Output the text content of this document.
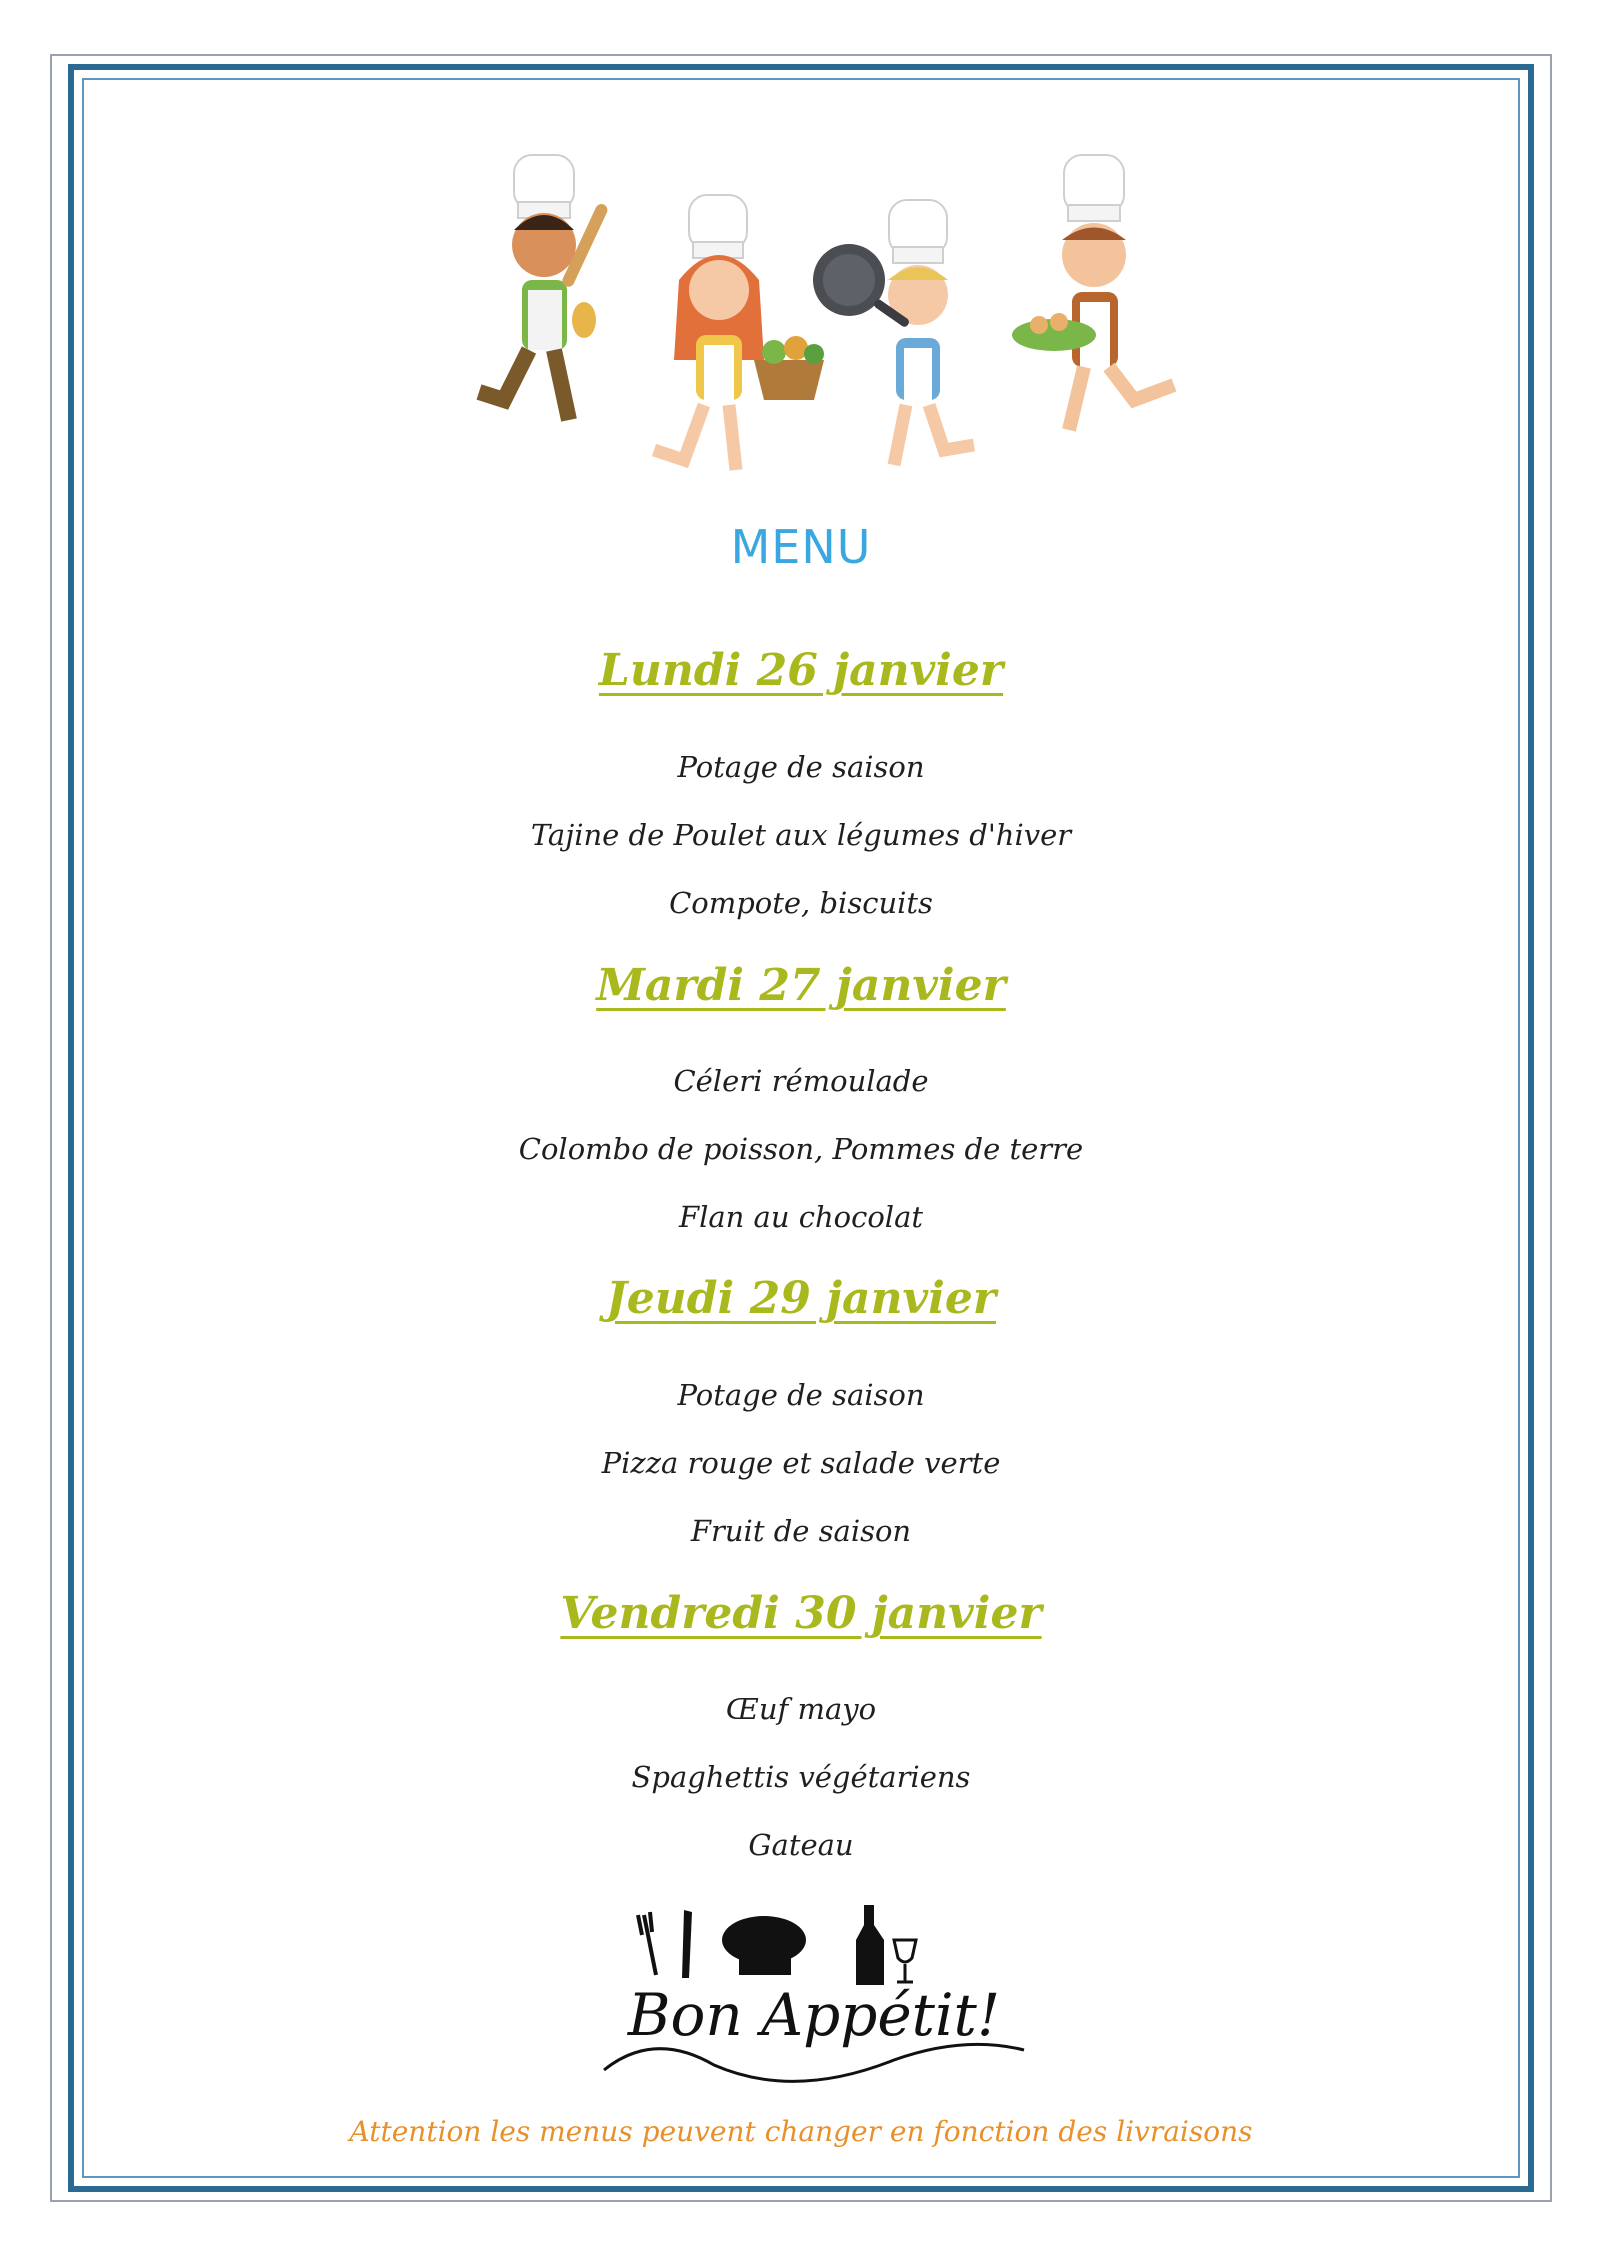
MENU
Lundi 26 janvier
Potage de saison
Tajine de Poulet aux légumes d'hiver
Compote, biscuits
Mardi 27 janvier
Céleri rémoulade
Colombo de poisson, Pommes de terre
Flan au chocolat
Jeudi 29 janvier
Potage de saison
Pizza rouge et salade verte
Fruit de saison
Vendredi 30 janvier
Œuf mayo
Spaghettis végétariens
Gateau
Bon Appétit!
Attention les menus peuvent changer en fonction des livraisons
